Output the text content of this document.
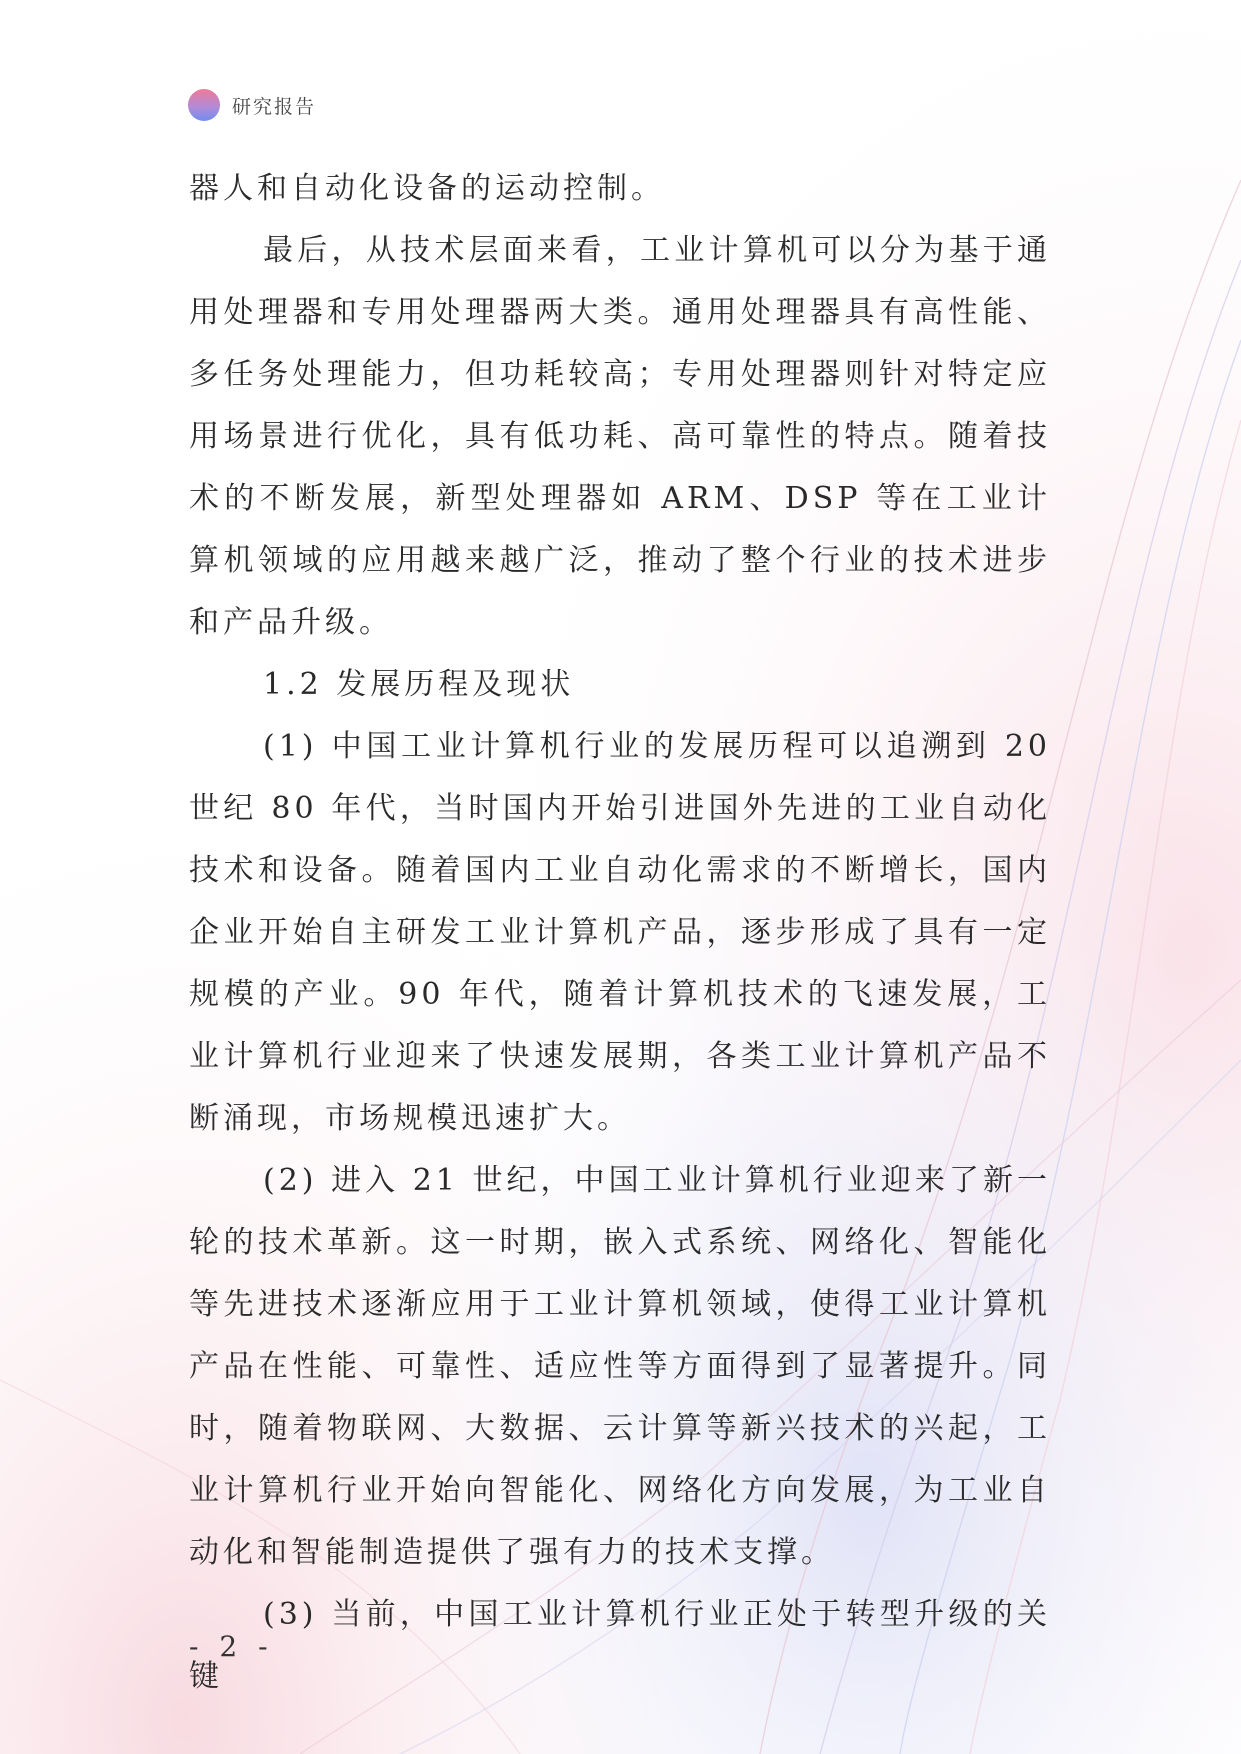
研究报告

器人和自动化设备的运动控制。

最后，从技术层面来看，工业计算机可以分为基于通用处理器和专用处理器两大类。通用处理器具有高性能、多任务处理能力，但功耗较高；专用处理器则针对特定应用场景进行优化，具有低功耗、高可靠性的特点。随着技术的不断发展，新型处理器如 ARM、DSP 等在工业计算机领域的应用越来越广泛，推动了整个行业的技术进步和产品升级。

1.2 发展历程及现状

(1) 中国工业计算机行业的发展历程可以追溯到 20 世纪 80 年代，当时国内开始引进国外先进的工业自动化技术和设备。随着国内工业自动化需求的不断增长，国内企业开始自主研发工业计算机产品，逐步形成了具有一定规模的产业。90 年代，随着计算机技术的飞速发展，工业计算机行业迎来了快速发展期，各类工业计算机产品不断涌现，市场规模迅速扩大。

(2) 进入 21 世纪，中国工业计算机行业迎来了新一轮的技术革新。这一时期，嵌入式系统、网络化、智能化等先进技术逐渐应用于工业计算机领域，使得工业计算机产品在性能、可靠性、适应性等方面得到了显著提升。同时，随着物联网、大数据、云计算等新兴技术的兴起，工业计算机行业开始向智能化、网络化方向发展，为工业自动化和智能制造提供了强有力的技术支撑。

(3) 当前，中国工业计算机行业正处于转型升级的关键

- 2 -
